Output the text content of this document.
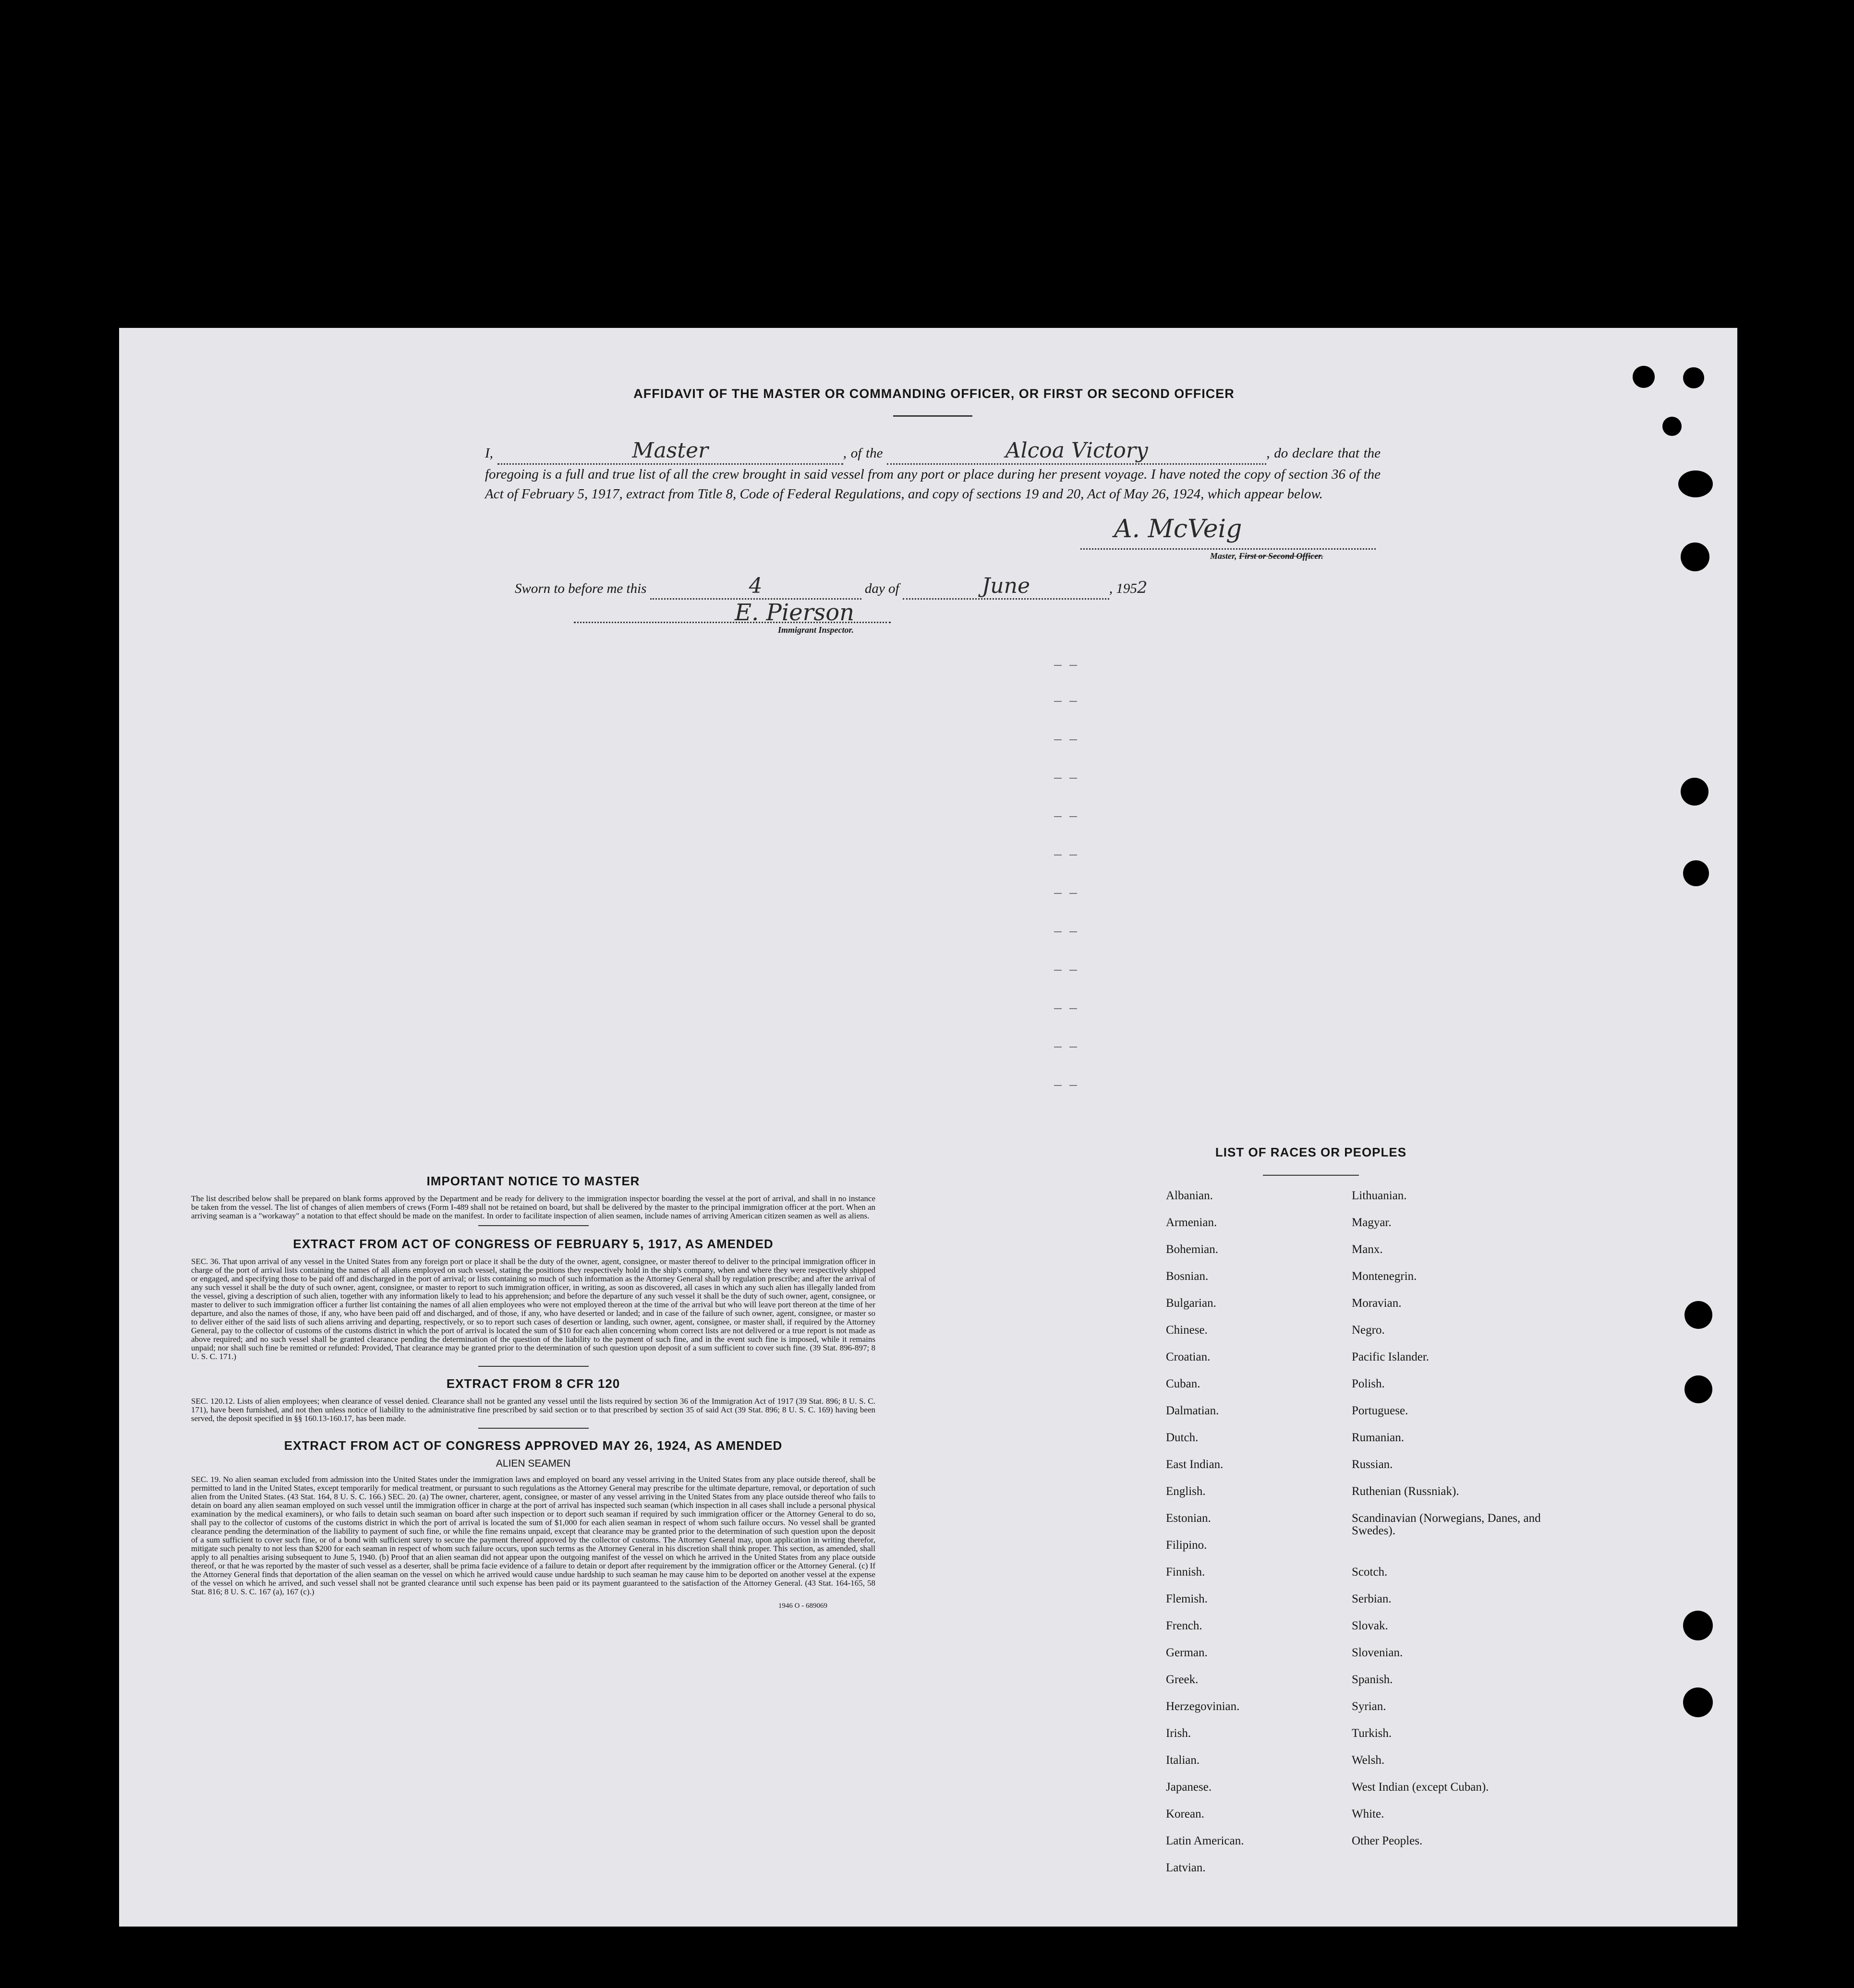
AFFIDAVIT OF THE MASTER OR COMMANDING OFFICER, OR FIRST OR SECOND OFFICER
I,	Master	, of the	Alcoa Victory	, do declare that the foregoing is a full and true list of all the crew brought in said vessel from any port or place during her present voyage. I have noted the copy of section 36 of the Act of February 5, 1917, extract from Title 8, Code of Federal Regulations, and copy of sections 19 and 20, Act of May 26, 1924, which appear below.
A. McVeig
Master, First or Second Officer.
Sworn to before me this	4	day of	June	, 1952
E. Pierson
Immigrant Inspector.
IMPORTANT NOTICE TO MASTER
The list described below shall be prepared on blank forms approved by the Department and be ready for delivery to the immigration inspector boarding the vessel at the port of arrival, and shall in no instance be taken from the vessel. The list of changes of alien members of crews (Form I-489 shall not be retained on board, but shall be delivered by the master to the principal immigration officer at the port. When an arriving seaman is a "workaway" a notation to that effect should be made on the manifest. In order to facilitate inspection of alien seamen, include names of arriving American citizen seamen as well as aliens.
EXTRACT FROM ACT OF CONGRESS OF FEBRUARY 5, 1917, AS AMENDED
SEC. 36. That upon arrival of any vessel in the United States from any foreign port or place it shall be the duty of the owner, agent, consignee, or master thereof to deliver to the principal immigration officer in charge of the port of arrival lists containing the names of all aliens employed on such vessel, stating the positions they respectively hold in the ship's company, when and where they were respectively shipped or engaged, and specifying those to be paid off and discharged in the port of arrival; or lists containing so much of such information as the Attorney General shall by regulation prescribe; and after the arrival of any such vessel it shall be the duty of such owner, agent, consignee, or master to report to such immigration officer, in writing, as soon as discovered, all cases in which any such alien has illegally landed from the vessel, giving a description of such alien, together with any information likely to lead to his apprehension; and before the departure of any such vessel it shall be the duty of such owner, agent, consignee, or master to deliver to such immigration officer a further list containing the names of all alien employees who were not employed thereon at the time of the arrival but who will leave port thereon at the time of her departure, and also the names of those, if any, who have been paid off and discharged, and of those, if any, who have deserted or landed; and in case of the failure of such owner, agent, consignee, or master so to deliver either of the said lists of such aliens arriving and departing, respectively, or so to report such cases of desertion or landing, such owner, agent, consignee, or master shall, if required by the Attorney General, pay to the collector of customs of the customs district in which the port of arrival is located the sum of $10 for each alien concerning whom correct lists are not delivered or a true report is not made as above required; and no such vessel shall be granted clearance pending the determination of the question of the liability to the payment of such fine, and in the event such fine is imposed, while it remains unpaid; nor shall such fine be remitted or refunded: Provided, That clearance may be granted prior to the determination of such question upon deposit of a sum sufficient to cover such fine. (39 Stat. 896-897; 8 U. S. C. 171.)
EXTRACT FROM 8 CFR 120
SEC. 120.12. Lists of alien employees; when clearance of vessel denied. Clearance shall not be granted any vessel until the lists required by section 36 of the Immigration Act of 1917 (39 Stat. 896; 8 U. S. C. 171), have been furnished, and not then unless notice of liability to the administrative fine prescribed by said section or to that prescribed by section 35 of said Act (39 Stat. 896; 8 U. S. C. 169) having been served, the deposit specified in §§ 160.13-160.17, has been made.
EXTRACT FROM ACT OF CONGRESS APPROVED MAY 26, 1924, AS AMENDED
ALIEN SEAMEN
SEC. 19. No alien seaman excluded from admission into the United States under the immigration laws and employed on board any vessel arriving in the United States from any place outside thereof, shall be permitted to land in the United States, except temporarily for medical treatment, or pursuant to such regulations as the Attorney General may prescribe for the ultimate departure, removal, or deportation of such alien from the United States. (43 Stat. 164, 8 U. S. C. 166.) SEC. 20. (a) The owner, charterer, agent, consignee, or master of any vessel arriving in the United States from any place outside thereof who fails to detain on board any alien seaman employed on such vessel until the immigration officer in charge at the port of arrival has inspected such seaman (which inspection in all cases shall include a personal physical examination by the medical examiners), or who fails to detain such seaman on board after such inspection or to deport such seaman if required by such immigration officer or the Attorney General to do so, shall pay to the collector of customs of the customs district in which the port of arrival is located the sum of $1,000 for each alien seaman in respect of whom such failure occurs. No vessel shall be granted clearance pending the determination of the liability to payment of such fine, or while the fine remains unpaid, except that clearance may be granted prior to the determination of such question upon the deposit of a sum sufficient to cover such fine, or of a bond with sufficient surety to secure the payment thereof approved by the collector of customs. The Attorney General may, upon application in writing therefor, mitigate such penalty to not less than $200 for each seaman in respect of whom such failure occurs, upon such terms as the Attorney General in his discretion shall think proper. This section, as amended, shall apply to all penalties arising subsequent to June 5, 1940. (b) Proof that an alien seaman did not appear upon the outgoing manifest of the vessel on which he arrived in the United States from any place outside thereof, or that he was reported by the master of such vessel as a deserter, shall be prima facie evidence of a failure to detain or deport after requirement by the immigration officer or the Attorney General. (c) If the Attorney General finds that deportation of the alien seaman on the vessel on which he arrived would cause undue hardship to such seaman he may cause him to be deported on another vessel at the expense of the vessel on which he arrived, and such vessel shall not be granted clearance until such expense has been paid or its payment guaranteed to the satisfaction of the Attorney General. (43 Stat. 164-165, 58 Stat. 816; 8 U. S. C. 167 (a), 167 (c).)
1946 O - 689069
LIST OF RACES OR PEOPLES
Albanian.
Armenian.
Bohemian.
Bosnian.
Bulgarian.
Chinese.
Croatian.
Cuban.
Dalmatian.
Dutch.
East Indian.
English.
Estonian.
Filipino.
Finnish.
Flemish.
French.
German.
Greek.
Herzegovinian.
Irish.
Italian.
Japanese.
Korean.
Latin American.
Latvian.
Lithuanian.
Magyar.
Manx.
Montenegrin.
Moravian.
Negro.
Pacific Islander.
Polish.
Portuguese.
Rumanian.
Russian.
Ruthenian (Russniak).
Scandinavian (Norwegians, Danes, and Swedes).
Scotch.
Serbian.
Slovak.
Slovenian.
Spanish.
Syrian.
Turkish.
Welsh.
West Indian (except Cuban).
White.
Other Peoples.
